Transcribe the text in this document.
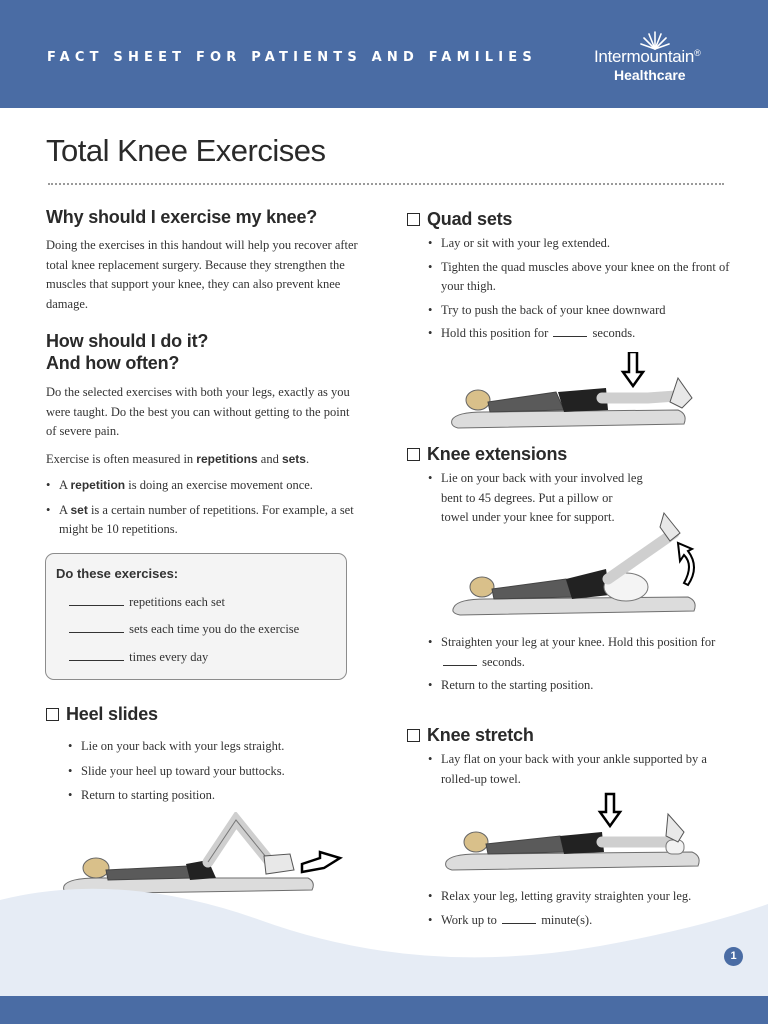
FACT SHEET FOR PATIENTS AND FAMILIES	Intermountain®
Healthcare
Total Knee Exercises
Why should I exercise my knee?

Doing the exercises in this handout will help you recover after total knee replacement surgery. Because they strengthen the muscles that support your knee, they can also prevent knee damage.

How should I do it?
And how often?

Do the selected exercises with both your legs, exactly as you were taught. Do the best you can without getting to the point of severe pain.

Exercise is often measured in repetitions and sets.

• A repetition is doing an exercise movement once.
• A set is a certain number of repetitions. For example, a set might be 10 repetitions.
Do these exercises:
repetitions each set
sets each time you do the exercise
times every day
Heel slides
• Lie on your back with your legs straight.
• Slide your heel up toward your buttocks.
• Return to starting position.
Quad sets
• Lay or sit with your leg extended.
• Tighten the quad muscles above your knee on the front of your thigh.
• Try to push the back of your knee downward
• Hold this position for	seconds.
Knee extensions
• Lie on your back with your involved leg bent to 45 degrees. Put a pillow or towel under your knee for support.
• Straighten your leg at your knee. Hold this position for  seconds.
• Return to the starting position.
Knee stretch
• Lay flat on your back with your ankle supported by a rolled-up towel.
• Relax your leg, letting gravity straighten your leg.
• Work up to	minute(s).
1
